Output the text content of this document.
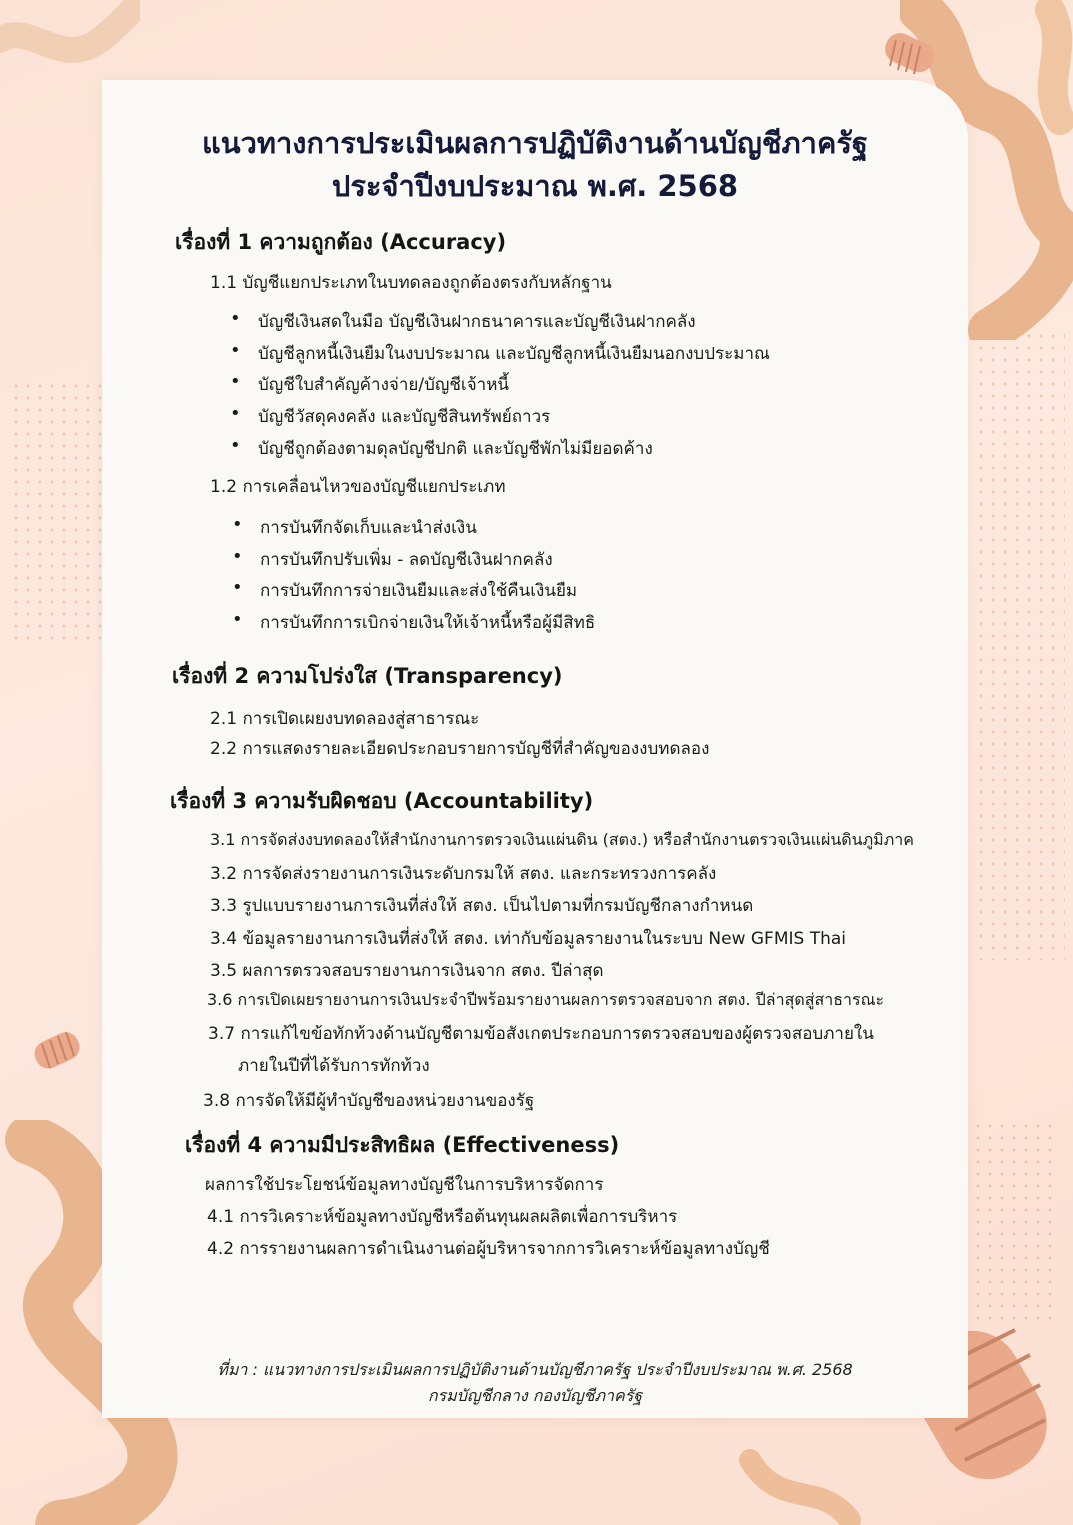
แนวทางการประเมินผลการปฏิบัติงานด้านบัญชีภาครัฐ
ประจำปีงบประมาณ พ.ศ. 2568
เรื่องที่ 1 ความถูกต้อง (Accuracy)
1.1 บัญชีแยกประเภทในบทดลองถูกต้องตรงกับหลักฐาน
• บัญชีเงินสดในมือ บัญชีเงินฝากธนาคารและบัญชีเงินฝากคลัง
• บัญชีลูกหนี้เงินยืมในงบประมาณ และบัญชีลูกหนี้เงินยืมนอกงบประมาณ
• บัญชีใบสำคัญค้างจ่าย/บัญชีเจ้าหนี้
• บัญชีวัสดุคงคลัง และบัญชีสินทรัพย์ถาวร
• บัญชีถูกต้องตามดุลบัญชีปกติ และบัญชีพักไม่มียอดค้าง
1.2 การเคลื่อนไหวของบัญชีแยกประเภท
• การบันทึกจัดเก็บและนำส่งเงิน
• การบันทึกปรับเพิ่ม - ลดบัญชีเงินฝากคลัง
• การบันทึกการจ่ายเงินยืมและส่งใช้คืนเงินยืม
• การบันทึกการเบิกจ่ายเงินให้เจ้าหนี้หรือผู้มีสิทธิ
เรื่องที่ 2 ความโปร่งใส (Transparency)
2.1 การเปิดเผยงบทดลองสู่สาธารณะ
2.2 การแสดงรายละเอียดประกอบรายการบัญชีที่สำคัญของงบทดลอง
เรื่องที่ 3 ความรับผิดชอบ (Accountability)
3.1 การจัดส่งงบทดลองให้สำนักงานการตรวจเงินแผ่นดิน (สตง.) หรือสำนักงานตรวจเงินแผ่นดินภูมิภาค
3.2 การจัดส่งรายงานการเงินระดับกรมให้ สตง. และกระทรวงการคลัง
3.3 รูปแบบรายงานการเงินที่ส่งให้ สตง. เป็นไปตามที่กรมบัญชีกลางกำหนด
3.4 ข้อมูลรายงานการเงินที่ส่งให้ สตง. เท่ากับข้อมูลรายงานในระบบ New GFMIS Thai
3.5 ผลการตรวจสอบรายงานการเงินจาก สตง. ปีล่าสุด
3.6 การเปิดเผยรายงานการเงินประจำปีพร้อมรายงานผลการตรวจสอบจาก สตง. ปีล่าสุดสู่สาธารณะ
3.7 การแก้ไขข้อทักท้วงด้านบัญชีตามข้อสังเกตประกอบการตรวจสอบของผู้ตรวจสอบภายใน
ภายในปีที่ได้รับการทักท้วง
3.8 การจัดให้มีผู้ทำบัญชีของหน่วยงานของรัฐ
เรื่องที่ 4 ความมีประสิทธิผล (Effectiveness)
ผลการใช้ประโยชน์ข้อมูลทางบัญชีในการบริหารจัดการ
4.1 การวิเคราะห์ข้อมูลทางบัญชีหรือต้นทุนผลผลิตเพื่อการบริหาร
4.2 การรายงานผลการดำเนินงานต่อผู้บริหารจากการวิเคราะห์ข้อมูลทางบัญชี
ที่มา : แนวทางการประเมินผลการปฏิบัติงานด้านบัญชีภาครัฐ ประจำปีงบประมาณ พ.ศ. 2568
กรมบัญชีกลาง กองบัญชีภาครัฐ
